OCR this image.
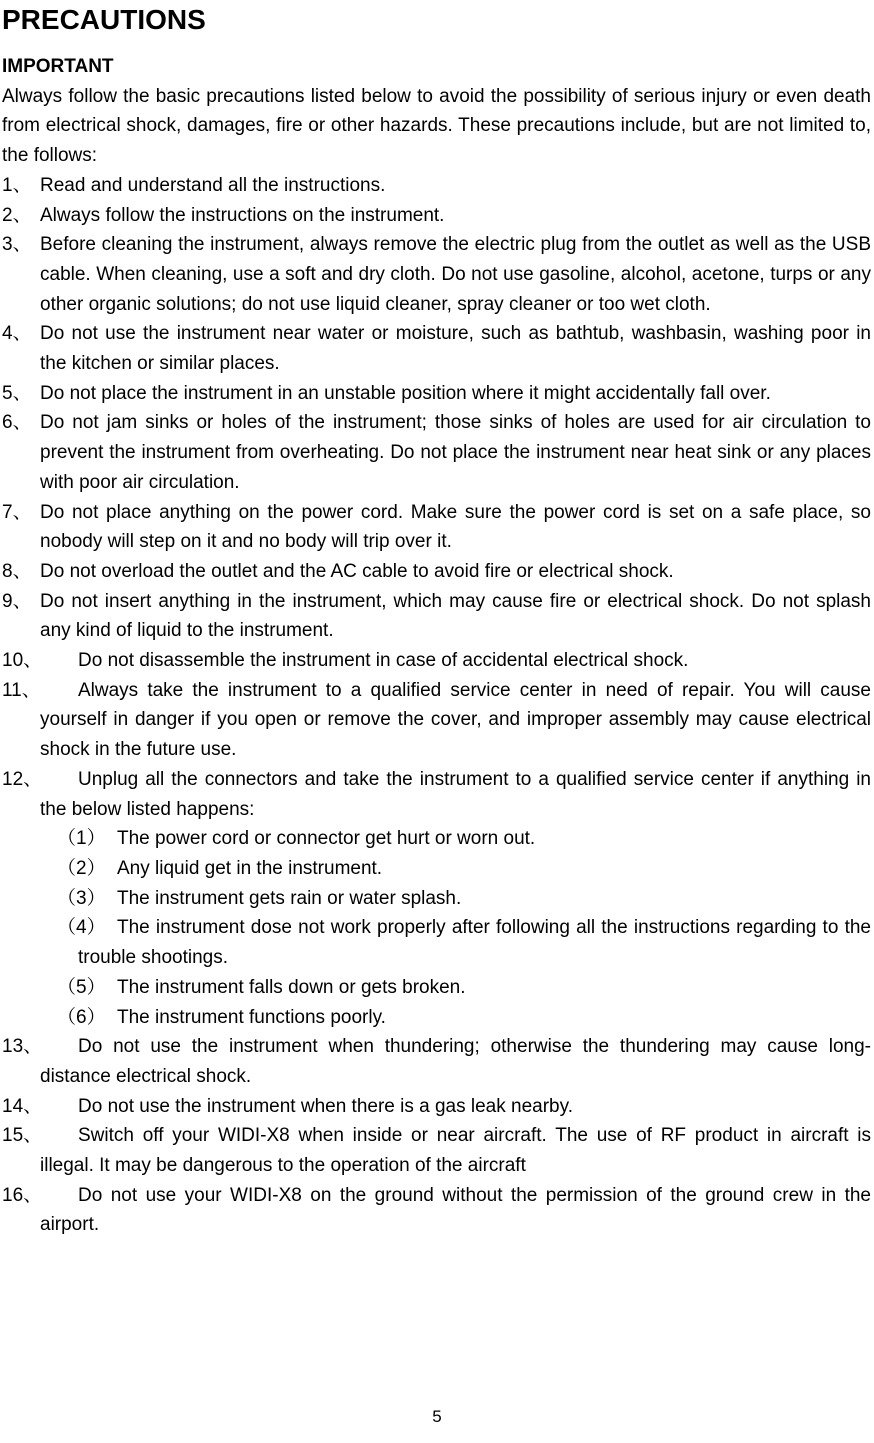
PRECAUTIONS
IMPORTANT

Always follow the basic precautions listed below to avoid the possibility of serious injury or even death from electrical shock, damages, fire or other hazards. These precautions include, but are not limited to, the follows:

1、 Read and understand all the instructions.

2、 Always follow the instructions on the instrument.

3、 Before cleaning the instrument, always remove the electric plug from the outlet as well as the USB cable. When cleaning, use a soft and dry cloth. Do not use gasoline, alcohol, acetone, turps or any other organic solutions; do not use liquid cleaner, spray cleaner or too wet cloth.

4、 Do not use the instrument near water or moisture, such as bathtub, washbasin, washing poor in the kitchen or similar places.

5、 Do not place the instrument in an unstable position where it might accidentally fall over.

6、 Do not jam sinks or holes of the instrument; those sinks of holes are used for air circulation to prevent the instrument from overheating. Do not place the instrument near heat sink or any places with poor air circulation.

7、 Do not place anything on the power cord. Make sure the power cord is set on a safe place, so nobody will step on it and no body will trip over it.

8、 Do not overload the outlet and the AC cable to avoid fire or electrical shock.

9、 Do not insert anything in the instrument, which may cause fire or electrical shock. Do not splash any kind of liquid to the instrument.

10、 Do not disassemble the instrument in case of accidental electrical shock.

11、 Always take the instrument to a qualified service center in need of repair. You will cause yourself in danger if you open or remove the cover, and improper assembly may cause electrical shock in the future use.

12、 Unplug all the connectors and take the instrument to a qualified service center if anything in the below listed happens:

（1） The power cord or connector get hurt or worn out.

（2） Any liquid get in the instrument.

（3） The instrument gets rain or water splash.

（4） The instrument dose not work properly after following all the instructions regarding to the trouble shootings.

（5） The instrument falls down or gets broken.

（6） The instrument functions poorly.

13、 Do not use the instrument when thundering; otherwise the thundering may cause long-distance electrical shock.

14、 Do not use the instrument when there is a gas leak nearby.

15、 Switch off your WIDI-X8 when inside or near aircraft. The use of RF product in aircraft is illegal. It may be dangerous to the operation of the aircraft

16、 Do not use your WIDI-X8 on the ground without the permission of the ground crew in the airport.

5
